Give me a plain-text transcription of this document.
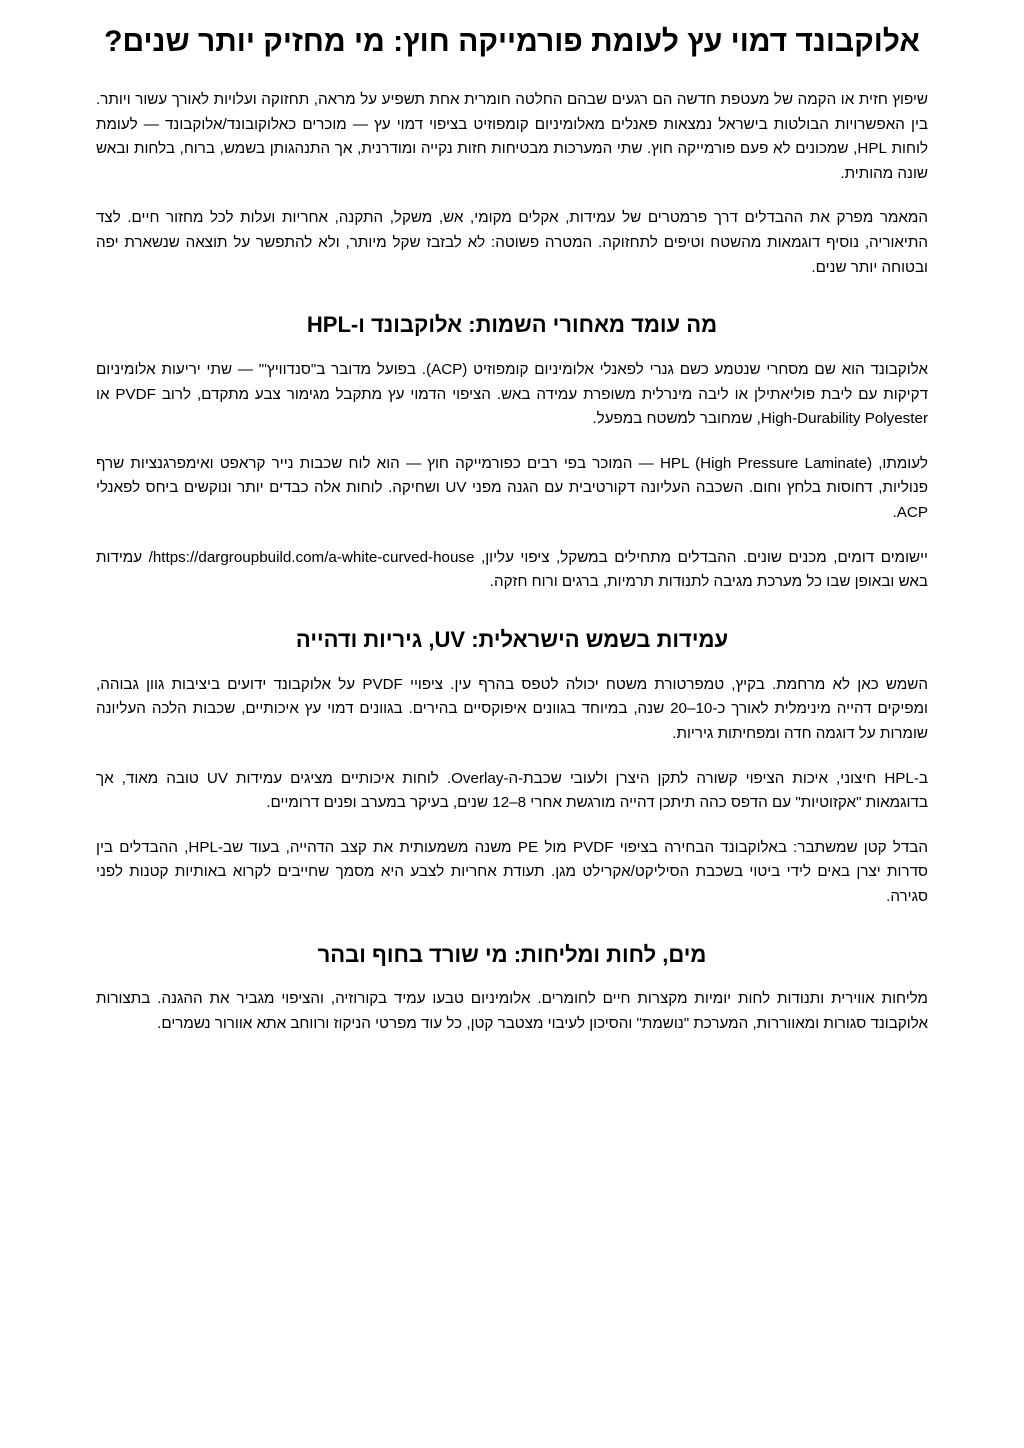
אלוקבונד דמוי עץ לעומת פורמייקה חוץ: מי מחזיק יותר שנים?

שיפוץ חזית או הקמה של מעטפת חדשה הם רגעים שבהם החלטה חומרית אחת תשפיע על מראה, תחזוקה ועלויות לאורך עשור ויותר. בין האפשרויות הבולטות בישראל נמצאות פאנלים מאלומיניום קומפוזיט בציפוי דמוי עץ — מוכרים כאלוקובונד/אלוקבונד — לעומת לוחות HPL, שמכונים לא פעם פורמייקה חוץ. שתי המערכות מבטיחות חזות נקייה ומודרנית, אך התנהגותן בשמש, ברוח, בלחות ובאש שונה מהותית.

המאמר מפרק את ההבדלים דרך פרמטרים של עמידות, אקלים מקומי, אש, משקל, התקנה, אחריות ועלות לכל מחזור חיים. לצד התיאוריה, נוסיף דוגמאות מהשטח וטיפים לתחזוקה. המטרה פשוטה: לא לבזבז שקל מיותר, ולא להתפשר על תוצאה שנשארת יפה ובטוחה יותר שנים.

מה עומד מאחורי השמות: אלוקבונד ו-HPL

אלוקבונד הוא שם מסחרי שנטמע כשם גנרי לפאנלי אלומיניום קומפוזיט (ACP). בפועל מדובר ב"סנדוויץ'" — שתי יריעות אלומיניום דקיקות עם ליבת פוליאתילן או ליבה מינרלית משופרת עמידה באש. הציפוי הדמוי עץ מתקבל מגימור צבע מתקדם, לרוב PVDF או High-Durability Polyester, שמחובר למשטח במפעל.

לעומתו, HPL (High Pressure Laminate) — המוכר בפי רבים כפורמייקה חוץ — הוא לוח שכבות נייר קראפט ואימפרגנציות שרף פנוליות, דחוסות בלחץ וחום. השכבה העליונה דקורטיבית עם הגנה מפני UV ושחיקה. לוחות אלה כבדים יותר ונוקשים ביחס לפאנלי ACP.

יישומים דומים, מכנים שונים. ההבדלים מתחילים במשקל, ציפוי עליון, https://dargroupbuild.com/a-white-curved-house/ עמידות באש ובאופן שבו כל מערכת מגיבה לתנודות תרמיות, ברגים ורוח חזקה.

עמידות בשמש הישראלית: UV, גיריות ודהייה

השמש כאן לא מרחמת. בקיץ, טמפרטורת משטח יכולה לטפס בהרף עין. ציפויי PVDF על אלוקבונד ידועים ביציבות גוון גבוהה, ומפיקים דהייה מינימלית לאורך כ-10–20 שנה, במיוחד בגוונים איפוקסיים בהירים. בגוונים דמוי עץ איכותיים, שכבות הלכה העליונה שומרות על דוגמה חדה ומפחיתות גיריות.

ב-HPL חיצוני, איכות הציפוי קשורה לתקן היצרן ולעובי שכבת-ה-Overlay. לוחות איכותיים מציגים עמידות UV טובה מאוד, אך בדוגמאות "אקזוטיות" עם הדפס כהה תיתכן דהייה מורגשת אחרי 8–12 שנים, בעיקר במערב ופנים דרומיים.

הבדל קטן שמשתבר: באלוקבונד הבחירה בציפוי PVDF מול PE משנה משמעותית את קצב הדהייה, בעוד שב-HPL, ההבדלים בין סדרות יצרן באים לידי ביטוי בשכבת הסיליקט/אקרילט מגן. תעודת אחריות לצבע היא מסמך שחייבים לקרוא באותיות קטנות לפני סגירה.

מים, לחות ומליחות: מי שורד בחוף ובהר

מליחות אווירית ותנודות לחות יומיות מקצרות חיים לחומרים. אלומיניום טבעו עמיד בקורוזיה, והציפוי מגביר את ההגנה. בתצורות אלוקבונד סגורות ומאווררות, המערכת "נושמת" והסיכון לעיבוי מצטבר קטן, כל עוד מפרטי הניקוז ורווחב אתא אוורור נשמרים.
